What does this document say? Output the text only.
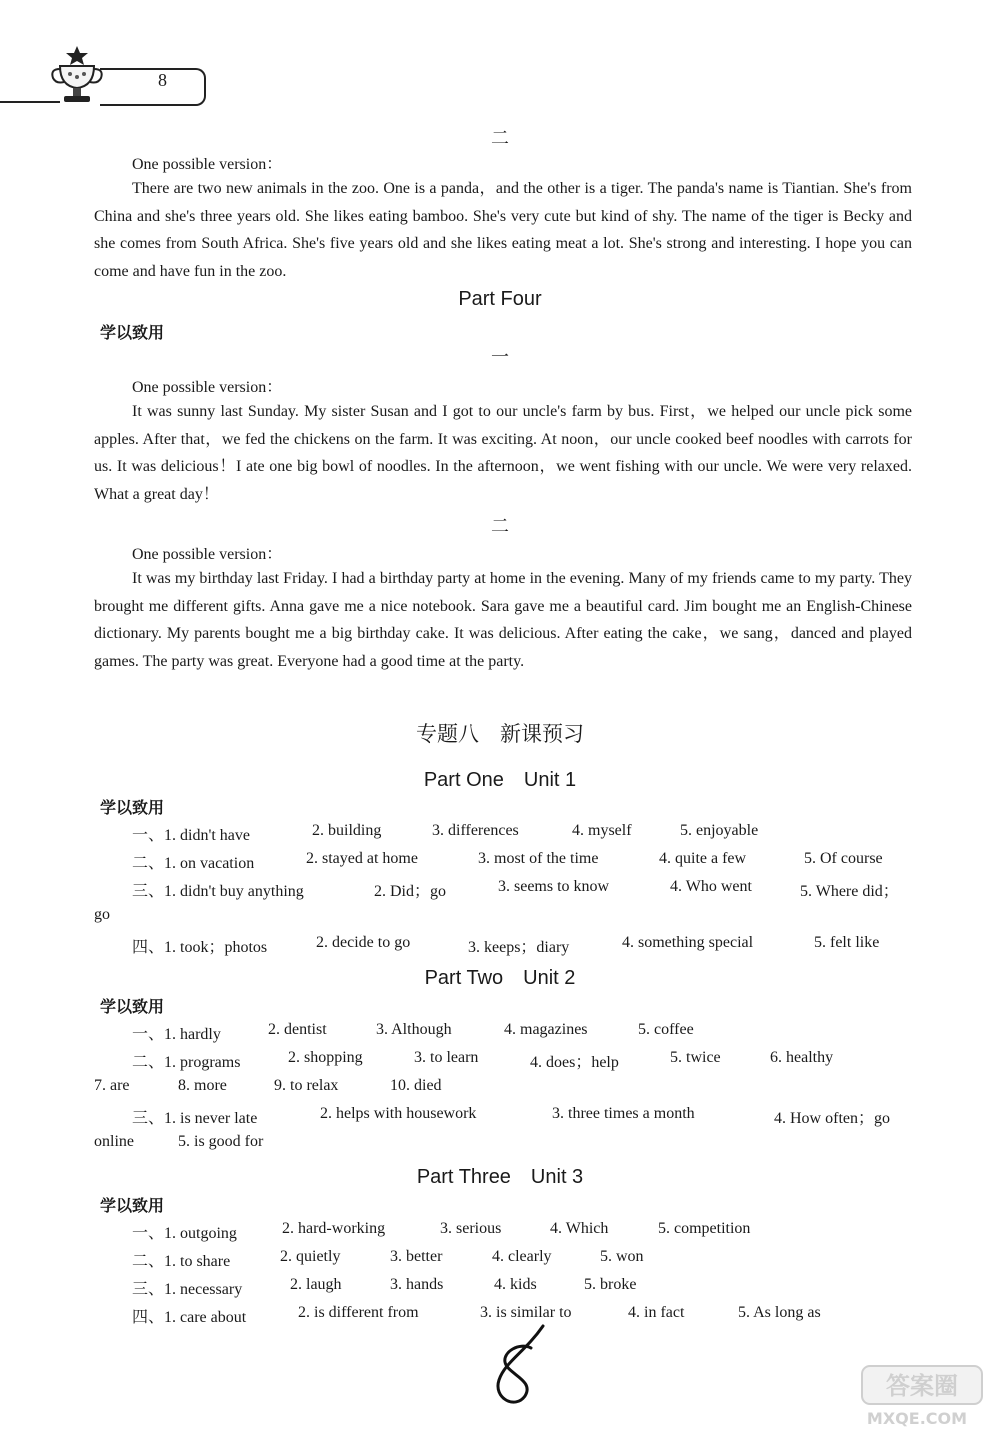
8
二
One possible version：

There are two new animals in the zoo. One is a panda，and the other is a tiger. The panda's name is Tiantian. She's from China and she's three years old. She likes eating bamboo. She's very cute but kind of shy. The name of the tiger is Becky and she comes from South Africa. She's five years old and she likes eating meat a lot. She's strong and interesting. I hope you can come and have fun in the zoo.

Part Four
学以致用
一
One possible version：

It was sunny last Sunday. My sister Susan and I got to our uncle's farm by bus. First，we helped our uncle pick some apples. After that，we fed the chickens on the farm. It was exciting. At noon，our uncle cooked beef noodles with carrots for us. It was delicious！I ate one big bowl of noodles. In the afternoon，we went fishing with our uncle. We were very relaxed. What a great day！

二
One possible version：

It was my birthday last Friday. I had a birthday party at home in the evening. Many of my friends came to my party. They brought me different gifts. Anna gave me a nice notebook. Sara gave me a beautiful card. Jim bought me an English-Chinese dictionary. My parents bought me a big birthday cake. It was delicious. After eating the cake，we sang，danced and played games. The party was great. Everyone had a good time at the party.

专题八　新课预习
Part One　Unit 1
学以致用
一、1. didn't have	2. building	3. differences	4. myself	5. enjoyable
二、1. on vacation	2. stayed at home	3. most of the time	4. quite a few	5. Of course
三、1. didn't buy anything	2. Did；go	3. seems to know	4. Who went	5. Where did；
go
四、1. took；photos	2. decide to go	3. keeps；diary	4. something special	5. felt like
Part Two　Unit 2
学以致用
一、1. hardly	2. dentist	3. Although	4. magazines	5. coffee
二、1. programs	2. shopping	3. to learn	4. does；help	5. twice	6. healthy
7. are	8. more	9. to relax	10. died
三、1. is never late	2. helps with housework	3. three times a month	4. How often；go
online	5. is good for
Part Three　Unit 3
学以致用
一、1. outgoing	2. hard-working	3. serious	4. Which	5. competition
二、1. to share	2. quietly	3. better	4. clearly	5. won
三、1. necessary	2. laugh	3. hands	4. kids	5. broke
四、1. care about	2. is different from	3. is similar to	4. in fact	5. As long as
答案圈
MXQE.COM
